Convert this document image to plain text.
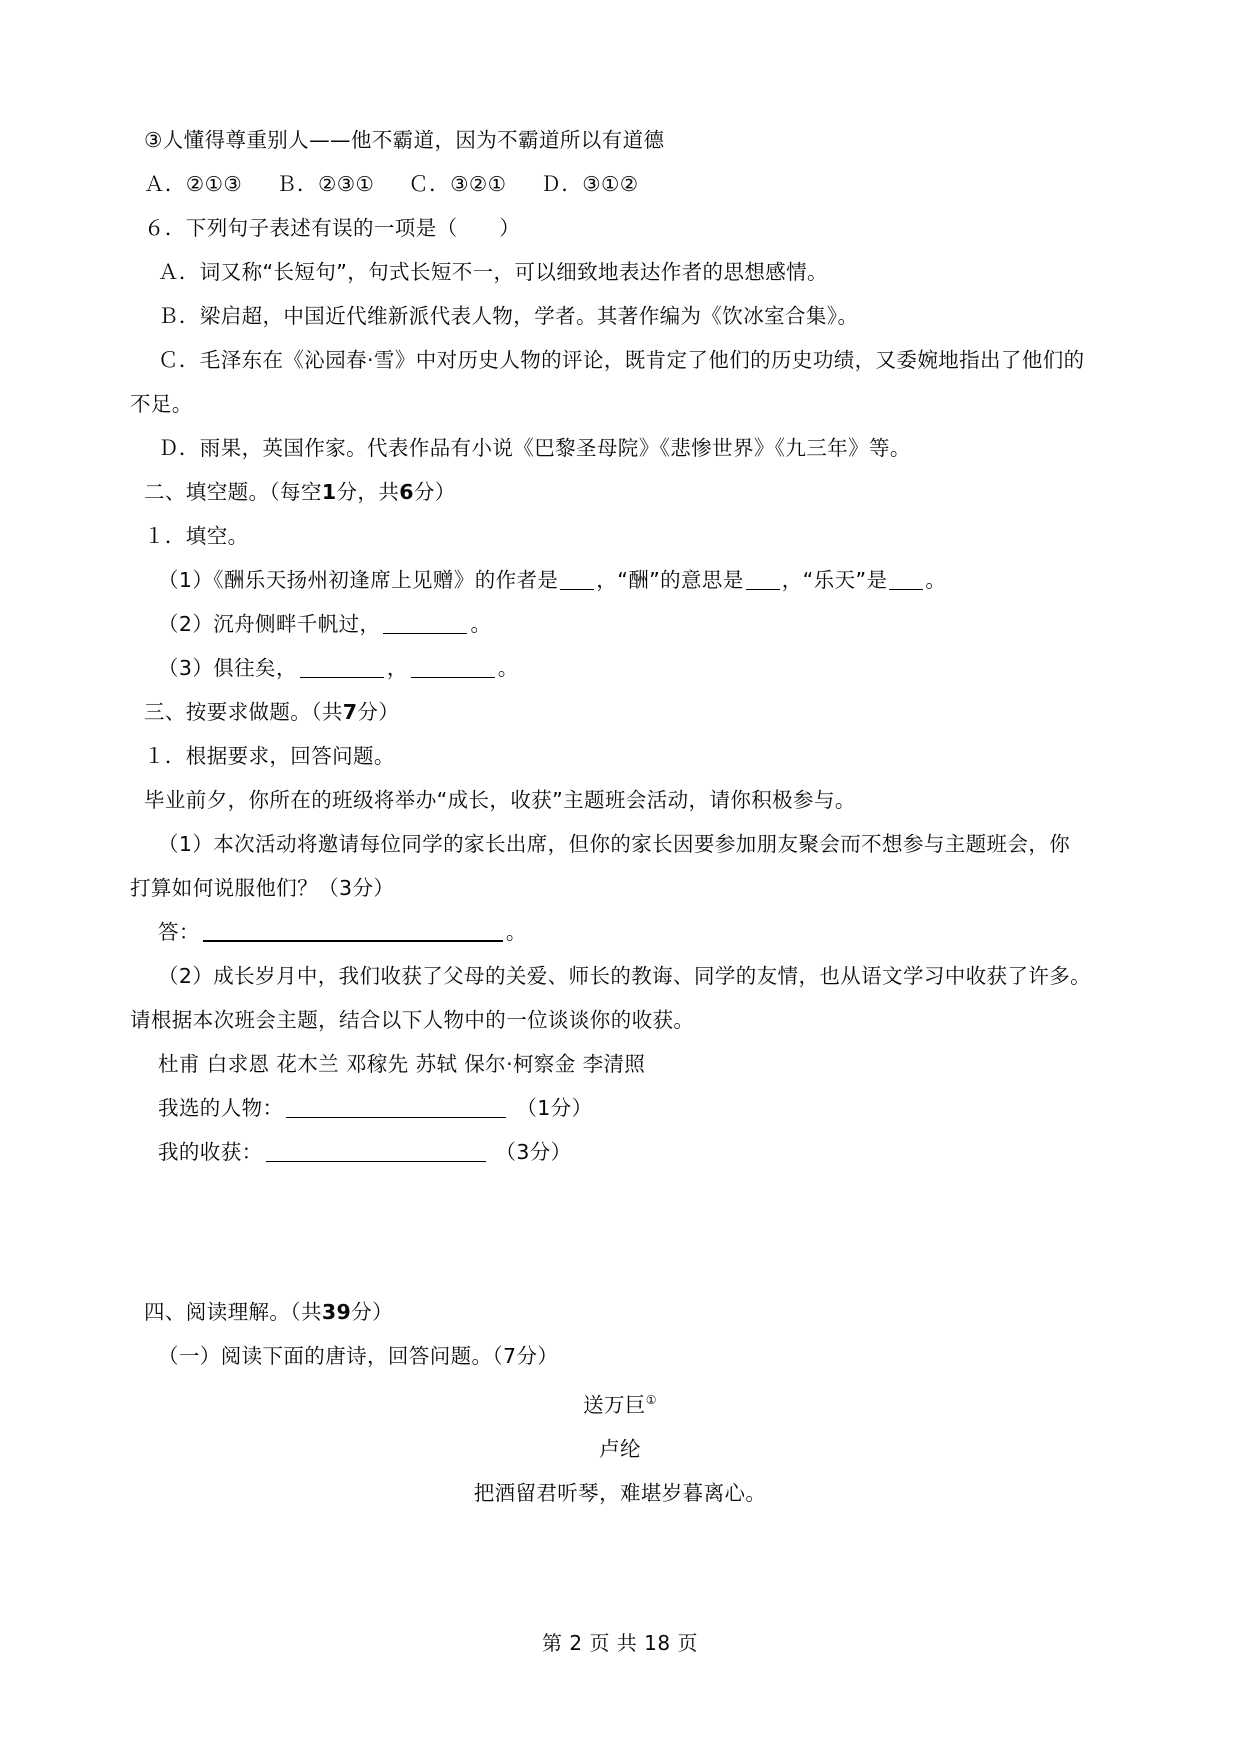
③人懂得尊重别人——他不霸道，因为不霸道所以有道德
Ａ．②①③ Ｂ．②③① Ｃ．③②① Ｄ．③①②
６．下列句子表述有误的一项是（　　）
Ａ．词又称“长短句”，句式长短不一，可以细致地表达作者的思想感情。
Ｂ．梁启超，中国近代维新派代表人物，学者。其著作编为《饮冰室合集》。
Ｃ．毛泽东在《沁园春·雪》中对历史人物的评论，既肯定了他们的历史功绩，又委婉地指出了他们的
不足。
Ｄ．雨果，英国作家。代表作品有小说《巴黎圣母院》《悲惨世界》《九三年》等。
二、填空题。（每空1分，共6分）
１．填空。
（1）《酬乐天扬州初逢席上见赠》的作者是 ，“酬”的意思是 ，“乐天”是 。
（2）沉舟侧畔千帆过，	。
（3）俱往矣，	，	。
三、按要求做题。（共7分）
１．根据要求，回答问题。
毕业前夕，你所在的班级将举办“成长，收获”主题班会活动，请你积极参与。
（1）本次活动将邀请每位同学的家长出席，但你的家长因要参加朋友聚会而不想参与主题班会，你
打算如何说服他们？（3分）
答：	。
（2）成长岁月中，我们收获了父母的关爱、师长的教诲、同学的友情，也从语文学习中收获了许多。
请根据本次班会主题，结合以下人物中的一位谈谈你的收获。
杜甫 白求恩 花木兰 邓稼先 苏轼 保尔·柯察金 李清照
我选的人物：	（1分）
我的收获：	（3分）
四、阅读理解。（共39分）
（一）阅读下面的唐诗，回答问题。（7分）
送万巨①
卢纶
把酒留君听琴，难堪岁暮离心。
第 2 页 共 18 页
